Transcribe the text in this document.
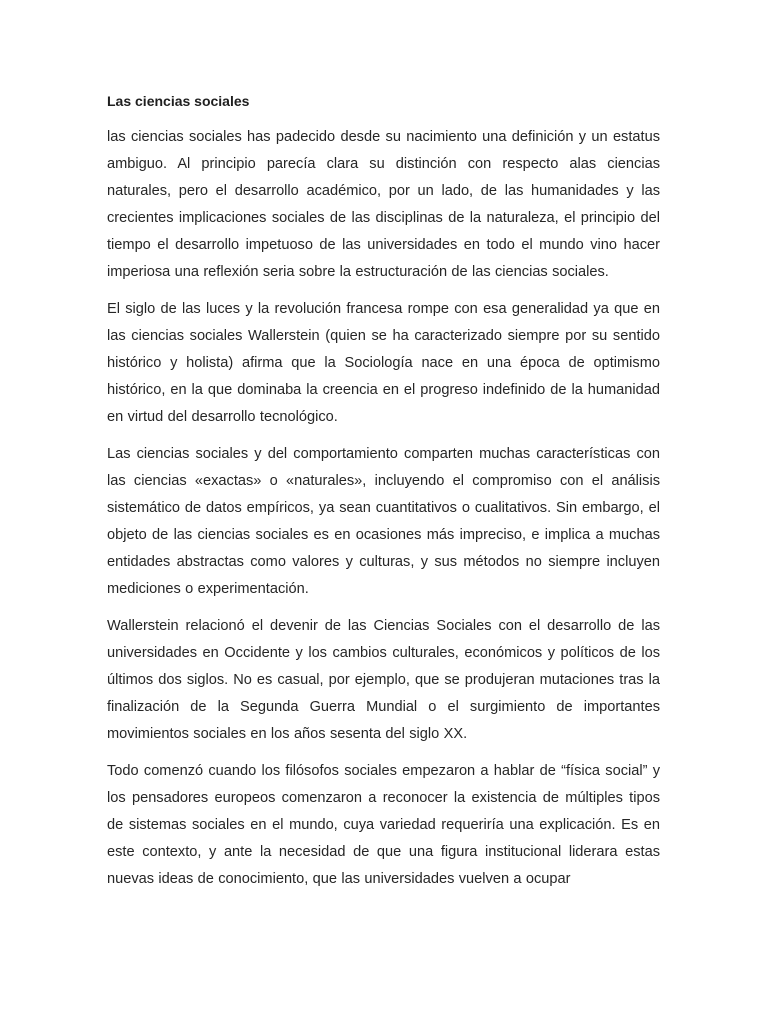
Las ciencias sociales

las ciencias sociales has padecido desde su nacimiento una definición y un estatus ambiguo. Al principio parecía clara su distinción con respecto alas ciencias naturales, pero el desarrollo académico, por un lado, de las humanidades y las crecientes implicaciones sociales de las disciplinas de la naturaleza, el principio del tiempo el desarrollo impetuoso de las universidades en todo el mundo vino hacer imperiosa una reflexión seria sobre la estructuración de las ciencias sociales.

El siglo de las luces y la revolución francesa rompe con esa generalidad ya que en las ciencias sociales Wallerstein (quien se ha caracterizado siempre por su sentido histórico y holista) afirma que la Sociología nace en una época de optimismo histórico, en la que dominaba la creencia en el progreso indefinido de la humanidad en virtud del desarrollo tecnológico.

Las ciencias sociales y del comportamiento comparten muchas características con las ciencias «exactas» o «naturales», incluyendo el compromiso con el análisis sistemático de datos empíricos, ya sean cuantitativos o cualitativos. Sin embargo, el objeto de las ciencias sociales es en ocasiones más impreciso, e implica a muchas entidades abstractas como valores y culturas, y sus métodos no siempre incluyen mediciones o experimentación.

Wallerstein relacionó el devenir de las Ciencias Sociales con el desarrollo de las universidades en Occidente y los cambios culturales, económicos y políticos de los últimos dos siglos. No es casual, por ejemplo, que se produjeran mutaciones tras la finalización de la Segunda Guerra Mundial o el surgimiento de importantes movimientos sociales en los años sesenta del siglo XX.

Todo comenzó cuando los filósofos sociales empezaron a hablar de “física social” y los pensadores europeos comenzaron a reconocer la existencia de múltiples tipos de sistemas sociales en el mundo, cuya variedad requeriría una explicación. Es en este contexto, y ante la necesidad de que una figura institucional liderara estas nuevas ideas de conocimiento, que las universidades vuelven a ocupar
